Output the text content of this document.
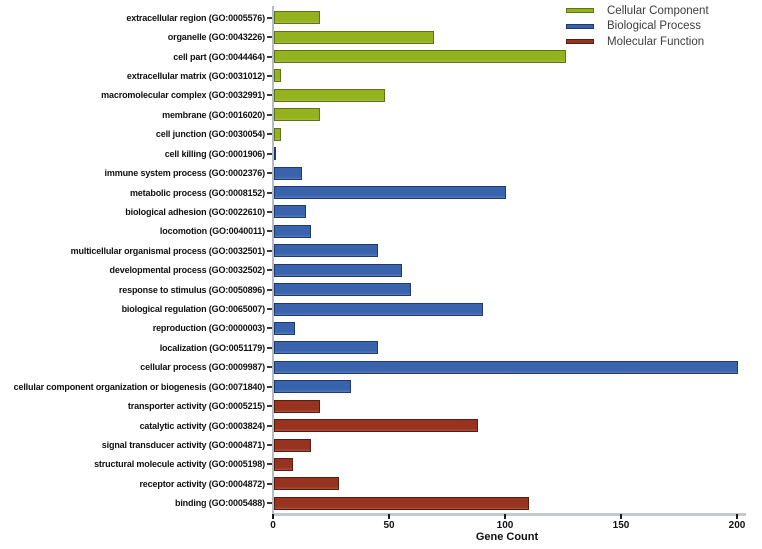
extracellular region (GO:0005576)
organelle (GO:0043226)
cell part (GO:0044464)
extracellular matrix (GO:0031012)
macromolecular complex (GO:0032991)
membrane (GO:0016020)
cell junction (GO:0030054)
cell killing (GO:0001906)
immune system process (GO:0002376)
metabolic process (GO:0008152)
biological adhesion (GO:0022610)
locomotion (GO:0040011)
multicellular organismal process (GO:0032501)
developmental process (GO:0032502)
response to stimulus (GO:0050896)
biological regulation (GO:0065007)
reproduction (GO:0000003)
localization (GO:0051179)
cellular process (GO:0009987)
cellular component organization or biogenesis (GO:0071840)
transporter activity (GO:0005215)
catalytic activity (GO:0003824)
signal transducer activity (GO:0004871)
structural molecule activity (GO:0005198)
receptor activity (GO:0004872)
binding (GO:0005488)
0	50	100	150	200
Gene Count
Cellular Component
Biological Process
Molecular Function
